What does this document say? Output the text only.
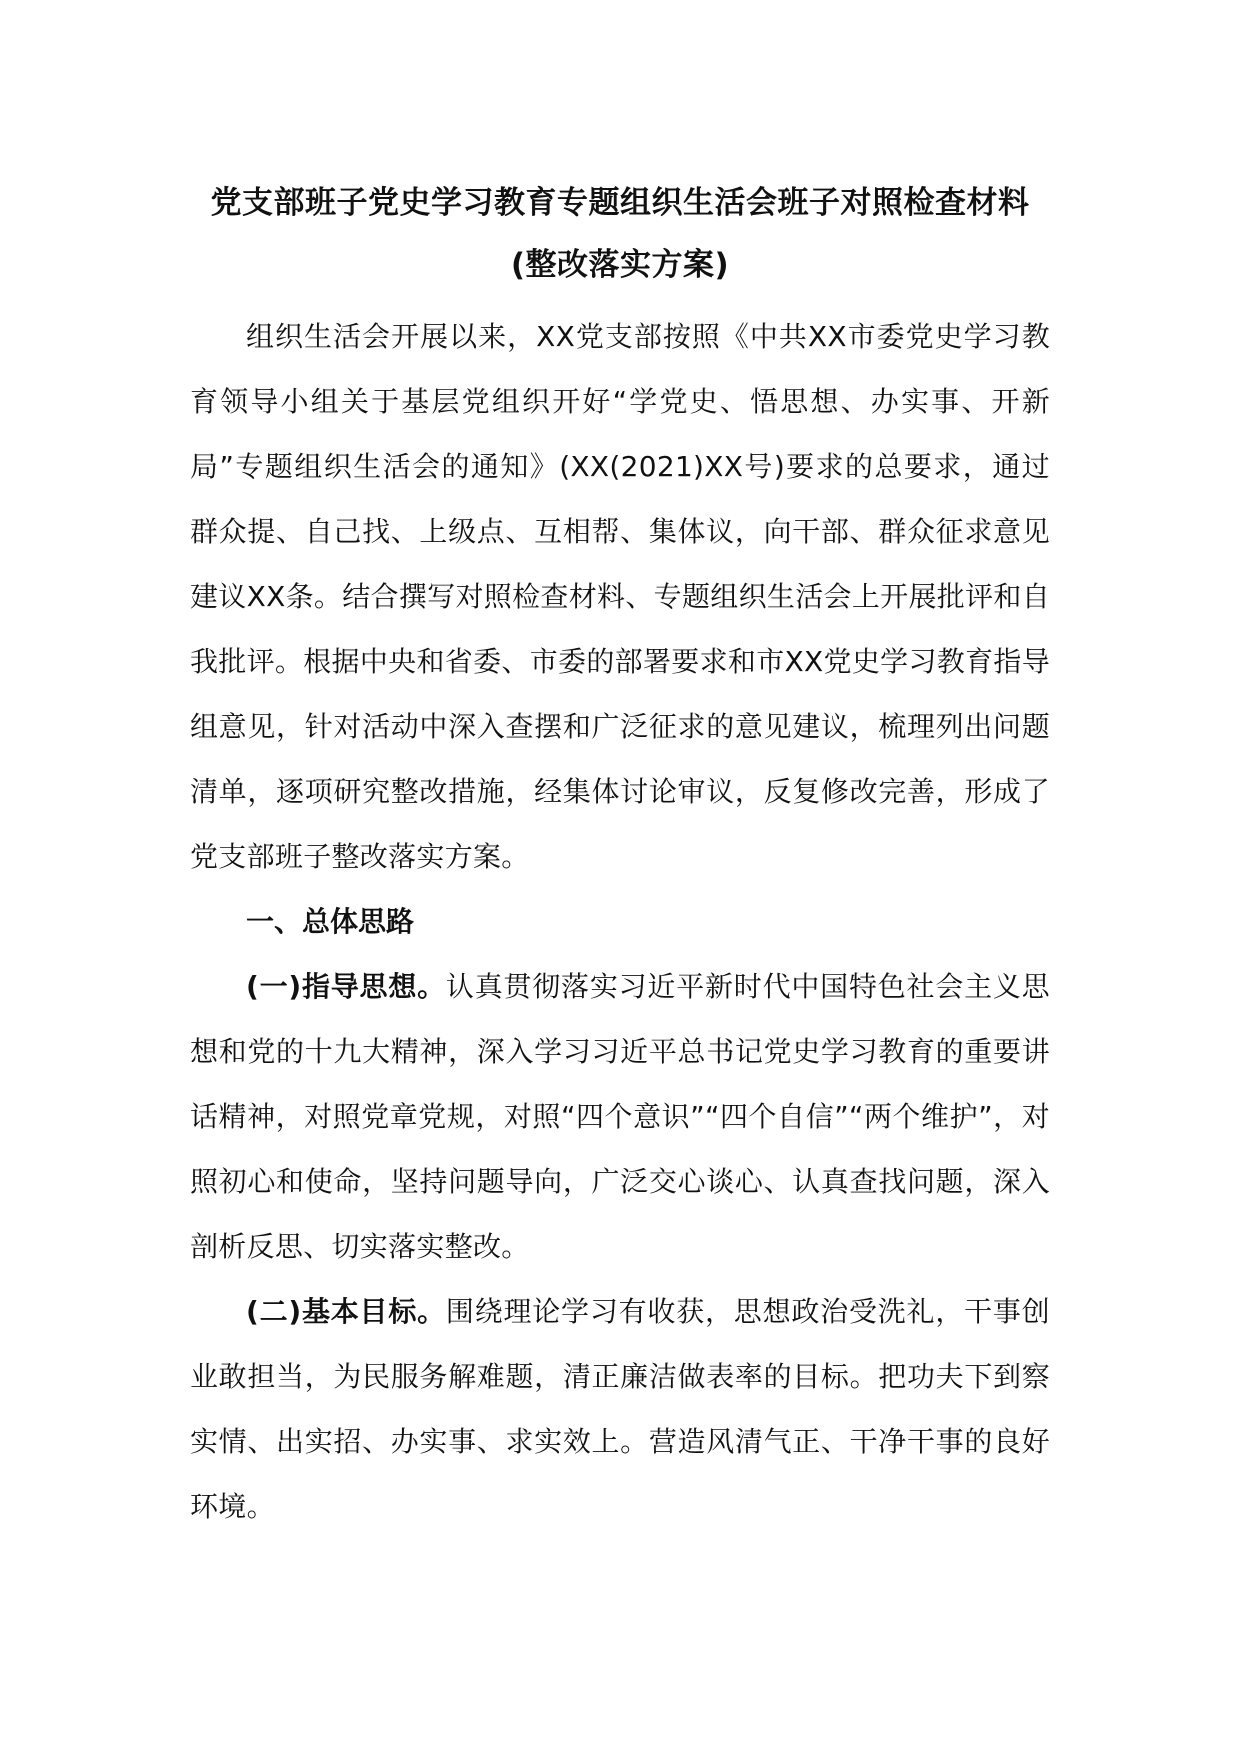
党支部班子党史学习教育专题组织生活会班子对照检查材料(整改落实方案)

组织生活会开展以来，XX党支部按照《中共XX市委党史学习教育领导小组关于基层党组织开好“学党史、悟思想、办实事、开新局”专题组织生活会的通知》(XX(2021)XX号)要求的总要求，通过群众提、自己找、上级点、互相帮、集体议，向干部、群众征求意见建议XX条。结合撰写对照检查材料、专题组织生活会上开展批评和自我批评。根据中央和省委、市委的部署要求和市XX党史学习教育指导组意见，针对活动中深入查摆和广泛征求的意见建议，梳理列出问题清单，逐项研究整改措施，经集体讨论审议，反复修改完善，形成了党支部班子整改落实方案。

一、总体思路

(一)指导思想。认真贯彻落实习近平新时代中国特色社会主义思想和党的十九大精神，深入学习习近平总书记党史学习教育的重要讲话精神，对照党章党规，对照“四个意识”“四个自信”“两个维护”，对照初心和使命，坚持问题导向，广泛交心谈心、认真查找问题，深入剖析反思、切实落实整改。

(二)基本目标。围绕理论学习有收获，思想政治受洗礼，干事创业敢担当，为民服务解难题，清正廉洁做表率的目标。把功夫下到察实情、出实招、办实事、求实效上。营造风清气正、干净干事的良好环境。
